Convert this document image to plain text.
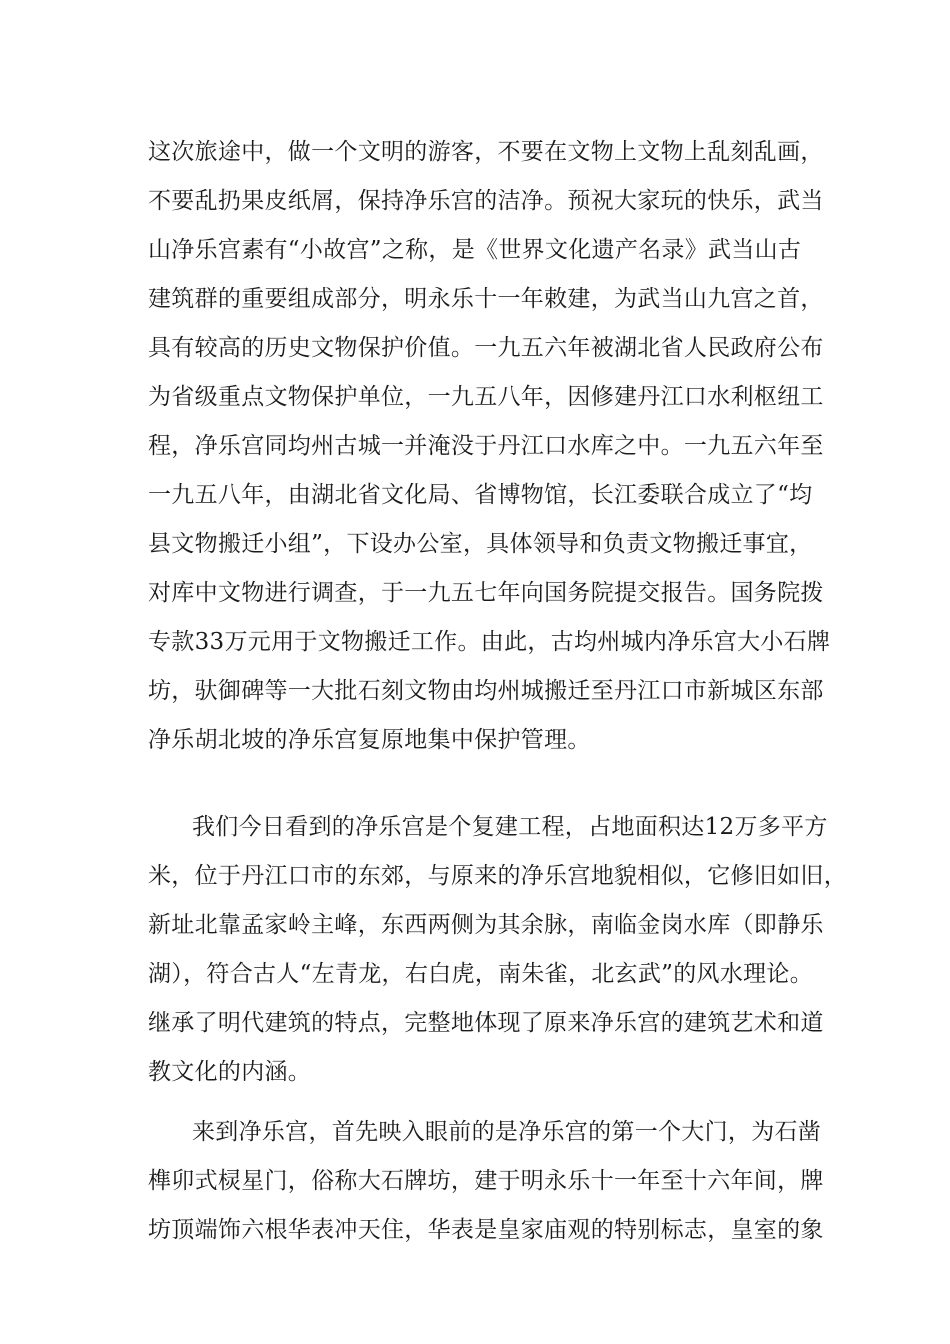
这次旅途中，做一个文明的游客，不要在文物上文物上乱刻乱画，
不要乱扔果皮纸屑，保持净乐宫的洁净。预祝大家玩的快乐，武当
山净乐宫素有“小故宫”之称，是《世界文化遗产名录》武当山古
建筑群的重要组成部分，明永乐十一年敕建，为武当山九宫之首，
具有较高的历史文物保护价值。一九五六年被湖北省人民政府公布
为省级重点文物保护单位，一九五八年，因修建丹江口水利枢纽工
程，净乐宫同均州古城一并淹没于丹江口水库之中。一九五六年至
一九五八年，由湖北省文化局、省博物馆，长江委联合成立了“均
县文物搬迁小组”，下设办公室，具体领导和负责文物搬迁事宜，
对库中文物进行调查，于一九五七年向国务院提交报告。国务院拨
专款33万元用于文物搬迁工作。由此，古均州城内净乐宫大小石牌
坊，驮御碑等一大批石刻文物由均州城搬迁至丹江口市新城区东部
净乐胡北坡的净乐宫复原地集中保护管理。
我们今日看到的净乐宫是个复建工程，占地面积达12万多平方
米，位于丹江口市的东郊，与原来的净乐宫地貌相似，它修旧如旧，
新址北靠孟家岭主峰，东西两侧为其余脉，南临金岗水库（即静乐
湖），符合古人“左青龙，右白虎，南朱雀，北玄武”的风水理论。
继承了明代建筑的特点，完整地体现了原来净乐宫的建筑艺术和道
教文化的内涵。
来到净乐宫，首先映入眼前的是净乐宫的第一个大门，为石凿
榫卯式棂星门，俗称大石牌坊，建于明永乐十一年至十六年间，牌
坊顶端饰六根华表冲天住，华表是皇家庙观的特别标志，皇室的象
